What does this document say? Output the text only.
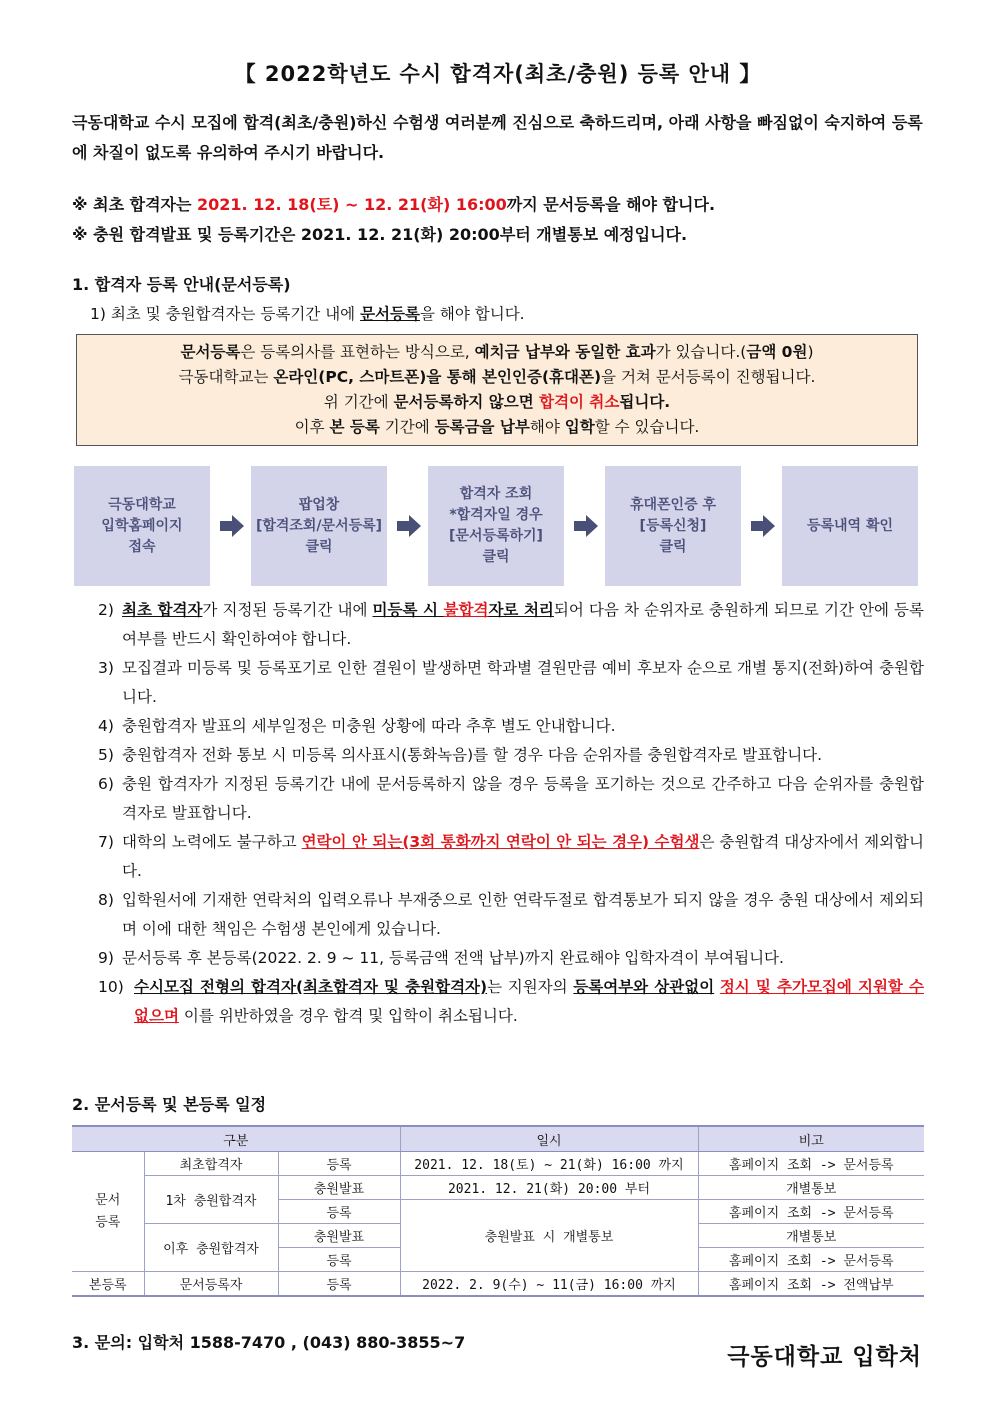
【 2022학년도 수시 합격자(최초/충원) 등록 안내 】
극동대학교 수시 모집에 합격(최초/충원)하신 수험생 여러분께 진심으로 축하드리며, 아래 사항을 빠짐없이 숙지하여 등록에 차질이 없도록 유의하여 주시기 바랍니다.
※ 최초 합격자는 2021. 12. 18(토) ~ 12. 21(화) 16:00까지 문서등록을 해야 합니다.
※ 충원 합격발표 및 등록기간은 2021. 12. 21(화) 20:00부터 개별통보 예정입니다.
1. 합격자 등록 안내(문서등록)
1) 최초 및 충원합격자는 등록기간 내에 문서등록을 해야 합니다.
문서등록은 등록의사를 표현하는 방식으로, 예치금 납부와 동일한 효과가 있습니다.(금액 0원)
극동대학교는 온라인(PC, 스마트폰)을 통해 본인인증(휴대폰)을 거쳐 문서등록이 진행됩니다.
위 기간에 문서등록하지 않으면 합격이 취소됩니다.
이후 본 등록 기간에 등록금을 납부해야 입학할 수 있습니다.
극동대학교
입학홈페이지
접속
팝업창
[합격조회/문서등록]
클릭
합격자 조회
*합격자일 경우
[문서등록하기]
클릭
휴대폰인증 후
[등록신청]
클릭
등록내역 확인
2) 최초 합격자가 지정된 등록기간 내에 미등록 시 불합격자로 처리되어 다음 차 순위자로 충원하게 되므로 기간 안에 등록여부를 반드시 확인하여야 합니다.
3) 모집결과 미등록 및 등록포기로 인한 결원이 발생하면 학과별 결원만큼 예비 후보자 순으로 개별 통지(전화)하여 충원합니다.
4) 충원합격자 발표의 세부일정은 미충원 상황에 따라 추후 별도 안내합니다.
5) 충원합격자 전화 통보 시 미등록 의사표시(통화녹음)를 할 경우 다음 순위자를 충원합격자로 발표합니다.
6) 충원 합격자가 지정된 등록기간 내에 문서등록하지 않을 경우 등록을 포기하는 것으로 간주하고 다음 순위자를 충원합격자로 발표합니다.
7) 대학의 노력에도 불구하고 연락이 안 되는(3회 통화까지 연락이 안 되는 경우) 수험생은 충원합격 대상자에서 제외합니다.
8) 입학원서에 기재한 연락처의 입력오류나 부재중으로 인한 연락두절로 합격통보가 되지 않을 경우 충원 대상에서 제외되며 이에 대한 책임은 수험생 본인에게 있습니다.
9) 문서등록 후 본등록(2022. 2. 9 ~ 11, 등록금액 전액 납부)까지 완료해야 입학자격이 부여됩니다.
10) 수시모집 전형의 합격자(최초합격자 및 충원합격자)는 지원자의 등록여부와 상관없이 정시 및 추가모집에 지원할 수 없으며 이를 위반하였을 경우 합격 및 입학이 취소됩니다.
2. 문서등록 및 본등록 일정
구분			일시	비고
문서
등록	최초합격자	등록	2021. 12. 18(토) ~ 21(화) 16:00 까지	홈페이지 조회 -> 문서등록
	1차 충원합격자	충원발표	2021. 12. 21(화) 20:00 부터	개별통보
		등록	충원발표 시 개별통보	홈페이지 조회 -> 문서등록
	이후 충원합격자	충원발표		개별통보
		등록		홈페이지 조회 -> 문서등록
본등록	문서등록자	등록	2022. 2. 9(수) ~ 11(금) 16:00 까지	홈페이지 조회 -> 전액납부
3. 문의: 입학처 1588-7470 , (043) 880-3855~7
극동대학교 입학처
